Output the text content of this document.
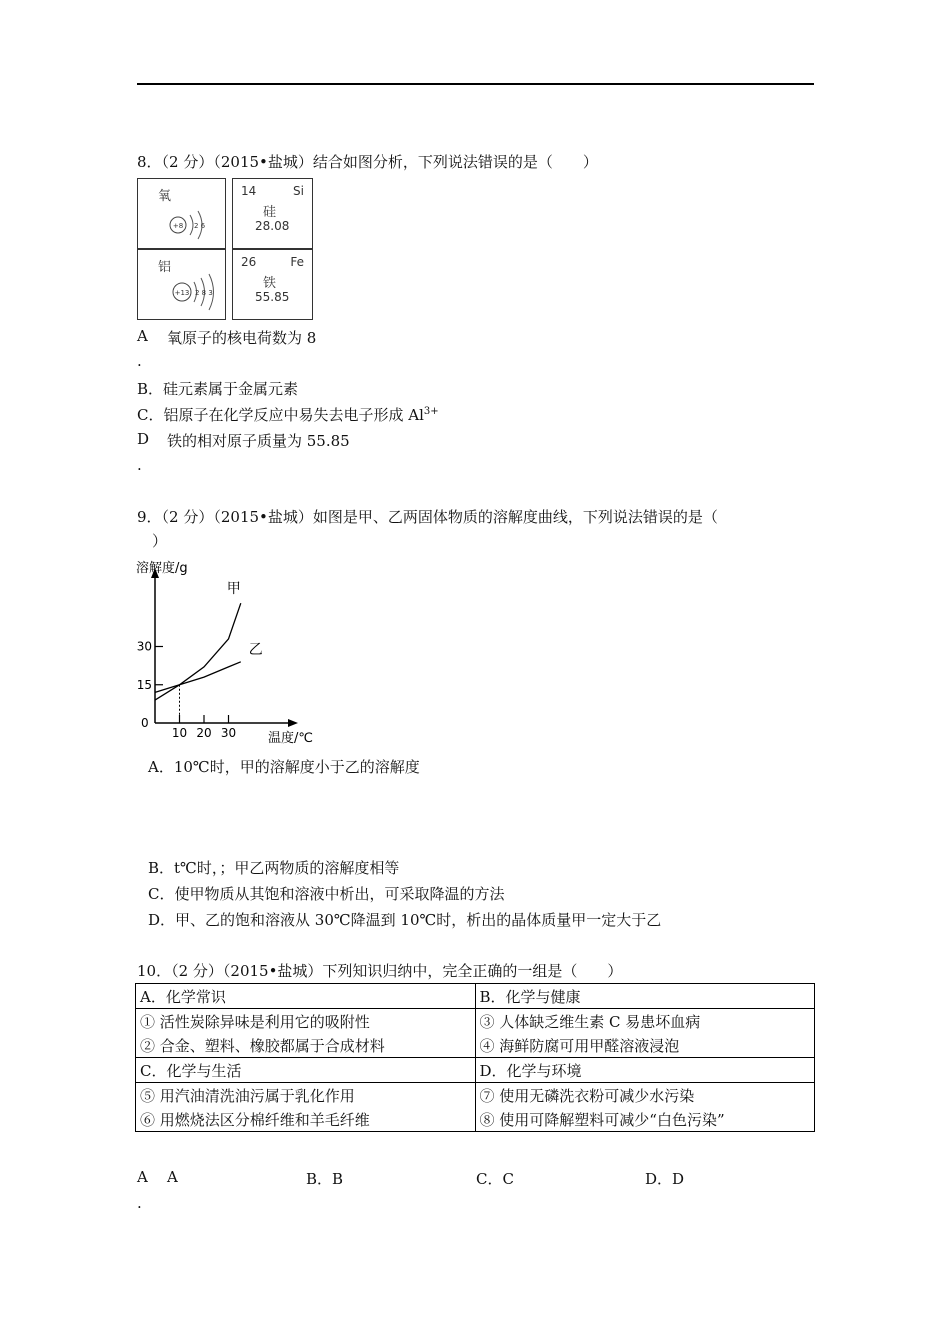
8．（2 分）（2015•盐城）结合如图分析，下列说法错误的是（　　）
氧
+8 2 6
14	Si
硅
28.08
铝
+13 2 8 3
26	Fe
铁
55.85
A 氧原子的核电荷数为 8
.
B．硅元素属于金属元素
C．铝原子在化学反应中易失去电子形成 $Al^{3+}$
D 铁的相对原子质量为 55.85
.
9．（2 分）（2015•盐城）如图是甲、乙两固体物质的溶解度曲线，下列说法错误的是（
）
溶解度/g
温度/℃
0
10 20 30
15
30
甲
乙
A．10℃时，甲的溶解度小于乙的溶解度
B．t℃时，；甲乙两物质的溶解度相等
C．使甲物质从其饱和溶液中析出，可采取降温的方法
D．甲、乙的饱和溶液从 30℃降温到 10℃时，析出的晶体质量甲一定大于乙
10．（2 分）（2015•盐城）下列知识归纳中，完全正确的一组是（　　）
A．化学常识	B．化学与健康
① 活性炭除异味是利用它的吸附性	③ 人体缺乏维生素 C 易患坏血病
② 合金、塑料、橡胶都属于合成材料	④ 海鲜防腐可用甲醛溶液浸泡
C．化学与生活	D．化学与环境
⑤ 用汽油清洗油污属于乳化作用	⑦ 使用无磷洗衣粉可减少水污染
⑥ 用燃烧法区分棉纤维和羊毛纤维	⑧ 使用可降解塑料可减少“白色污染”
A A
.
B．B	C．C	D．D
